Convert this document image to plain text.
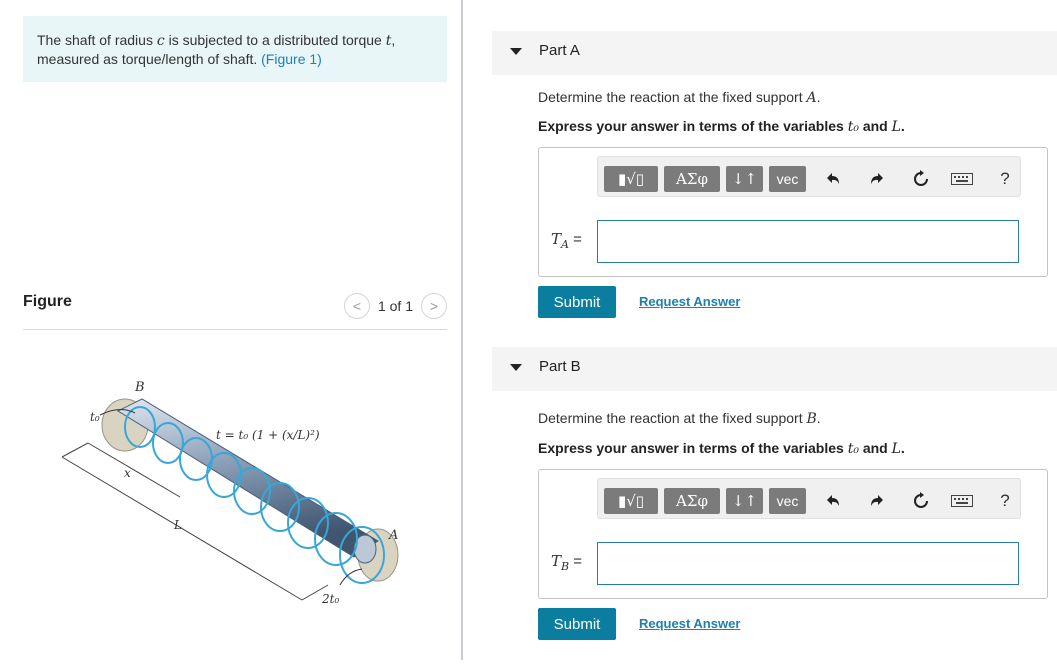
The shaft of radius c is subjected to a distributed torque t,
measured as torque/length of shaft. (Figure 1)
Figure	<	1 of 1	>
B
A
t₀
x
L
2t₀
t = t₀ (1 + (x/L)²)
Part A
Determine the reaction at the fixed support A.
Express your answer in terms of the variables t₀ and L.
▮√▯	ΑΣφ	↓↑	vec	?
$T_A$ =
Submit	Request Answer
Part B
Determine the reaction at the fixed support B.
Express your answer in terms of the variables t₀ and L.
▮√▯	ΑΣφ	↓↑	vec	?
$T_B$ =
Submit	Request Answer
